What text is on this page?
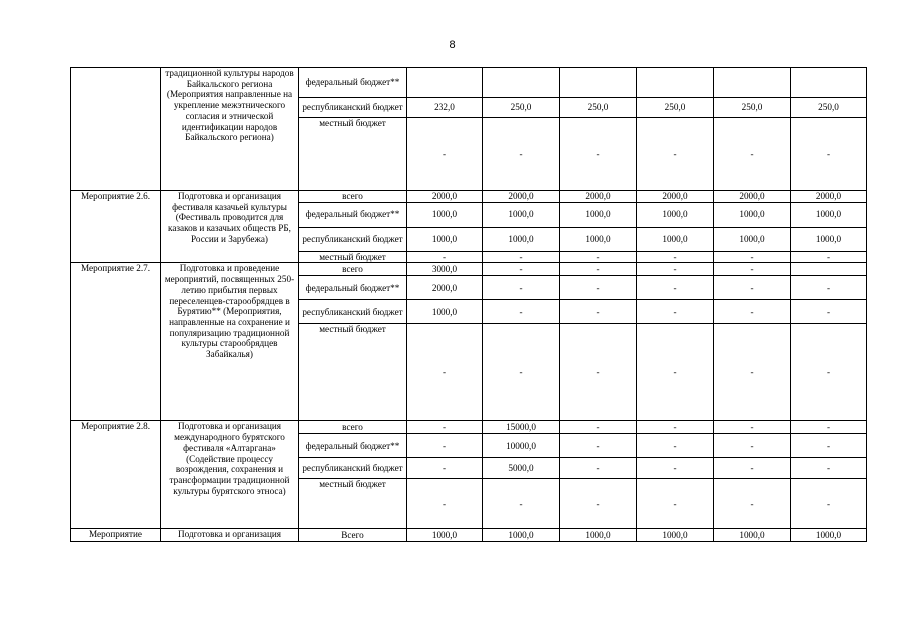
8
	традиционной культуры народов Байкальского региона (Мероприятия направленные на укрепление межэтнического согласия и этнической идентификации народов Байкальского регионa)	федеральный бюджет**						
		республиканский бюджет	232,0	250,0	250,0	250,0	250,0	250,0
		местный бюджет	-	-	-	-	-	-
Мероприятие 2.6.	Подготовка и организация фестиваля казачьей культуры (Фестиваль проводится для казаков и казачьих обществ РБ, России и Зарубежа)	всего	2000,0	2000,0	2000,0	2000,0	2000,0	2000,0
		федеральный бюджет**	1000,0	1000,0	1000,0	1000,0	1000,0	1000,0
		республиканский бюджет	1000,0	1000,0	1000,0	1000,0	1000,0	1000,0
		местный бюджет	-	-	-	-	-	-
Мероприятие 2.7.	Подготовка и проведение мероприятий, посвященных 250-летию прибытия первых переселенцев-старообрядцев в Бурятию** (Мероприятия, направленные на сохранение и популяризацию традиционной культуры старообрядцев Забайкалья)	всего	3000,0	-	-	-	-	
		федеральный бюджет**	2000,0	-	-	-	-	-
		республиканский бюджет	1000,0	-	-	-	-	-
		местный бюджет	-	-	-	-	-	-
Мероприятие 2.8.	Подготовка и организация международного бурятского фестиваля «Алтаргана» (Содействие процессу возрождения, сохранения и трансформации традиционной культуры бурятского этноса)	всего	-	15000,0	-	-	-	-
		федеральный бюджет**	-	10000,0	-	-	-	-
		республиканский бюджет	-	5000,0	-	-	-	-
		местный бюджет	-	-	-	-	-	-
Мероприятие	Подготовка и организация	Всего	1000,0	1000,0	1000,0	1000,0	1000,0	1000,0
